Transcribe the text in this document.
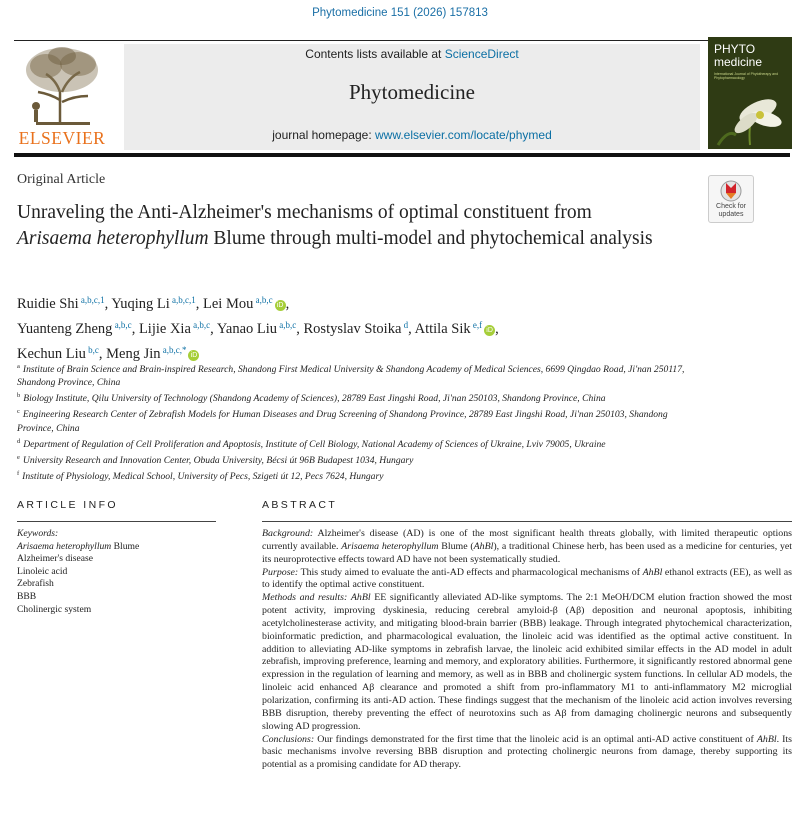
Phytomedicine 151 (2026) 157813
ELSEVIER
Contents lists available at ScienceDirect
Phytomedicine
journal homepage: www.elsevier.com/locate/phymed
PHYTO
medicine
International Journal of Phytotherapy and Phytopharmacology
Original Article
Unraveling the Anti-Alzheimer's mechanisms of optimal constituent from
Arisaema heterophyllum Blume through multi-model and phytochemical analysis
Check for
updates
Ruidie Shi $^{a,b,c,1}$, Yuqing Li $^{a,b,c,1}$, Lei Mou $^{a,b,c}$iD ,
Yuanteng Zheng $^{a,b,c}$, Lijie Xia $^{a,b,c}$, Yanao Liu $^{a,b,c}$, Rostyslav Stoika $^d$, Attila Sik $^{e,f}$iD ,
Kechun Liu $^{b,c}$, Meng Jin $^{a,b,c,*}$iD

$^a$ Institute of Brain Science and Brain-inspired Research, Shandong First Medical University & Shandong Academy of Medical Sciences, 6699 Qingdao Road, Ji'nan 250117, Shandong Province, China

$^b$ Biology Institute, Qilu University of Technology (Shandong Academy of Sciences), 28789 East Jingshi Road, Ji'nan 250103, Shandong Province, China

$^c$ Engineering Research Center of Zebrafish Models for Human Diseases and Drug Screening of Shandong Province, 28789 East Jingshi Road, Ji'nan 250103, Shandong Province, China

$^d$ Department of Regulation of Cell Proliferation and Apoptosis, Institute of Cell Biology, National Academy of Sciences of Ukraine, Lviv 79005, Ukraine

$^e$ University Research and Innovation Center, Obuda University, Bécsi út 96B Budapest 1034, Hungary

$^f$ Institute of Physiology, Medical School, University of Pecs, Szigeti út 12, Pecs 7624, Hungary

ARTICLE INFO	ABSTRACT
Keywords:
Arisaema heterophyllum Blume
Alzheimer's disease
Linoleic acid
Zebrafish
BBB
Cholinergic system

Background: Alzheimer's disease (AD) is one of the most significant health threats globally, with limited therapeutic options currently available. Arisaema heterophyllum Blume (AhBl), a traditional Chinese herb, has been used as a medicine for centuries, yet its neuroprotective effects toward AD have not been systematically studied.

Purpose: This study aimed to evaluate the anti-AD effects and pharmacological mechanisms of AhBl ethanol extracts (EE), as well as to identify the optimal active constituent.

Methods and results: AhBl EE significantly alleviated AD-like symptoms. The 2:1 MeOH/DCM elution fraction showed the most potent activity, improving dyskinesia, reducing cerebral amyloid-β (Aβ) deposition and neuronal apoptosis, inhibiting acetylcholinesterase activity, and mitigating blood-brain barrier (BBB) leakage. Through integrated phytochemical characterization, bioinformatic prediction, and pharmacological evaluation, the linoleic acid was identified as the optimal active constituent. In addition to alleviating AD-like symptoms in zebrafish larvae, the linoleic acid exhibited similar effects in the AD model in adult zebrafish, improving preference, learning and memory, and exploratory abilities. Furthermore, it significantly restored abnormal gene expression in the regulation of learning and memory, as well as in BBB and cholinergic system functions. In cellular AD models, the linoleic acid enhanced Aβ clearance and promoted a shift from pro-inflammatory M1 to anti-inflammatory M2 microglial polarization, confirming its anti-AD action. These findings suggest that the mechanism of the linoleic acid action involves reversing BBB disruption, thereby preventing the effect of neurotoxins such as Aβ from damaging cholinergic neurons and subsequently slowing AD progression.

Conclusions: Our findings demonstrated for the first time that the linoleic acid is an optimal anti-AD active constituent of AhBl. Its basic mechanisms involve reversing BBB disruption and protecting cholinergic neurons from damage, thereby supporting its potential as a promising candidate for AD therapy.
